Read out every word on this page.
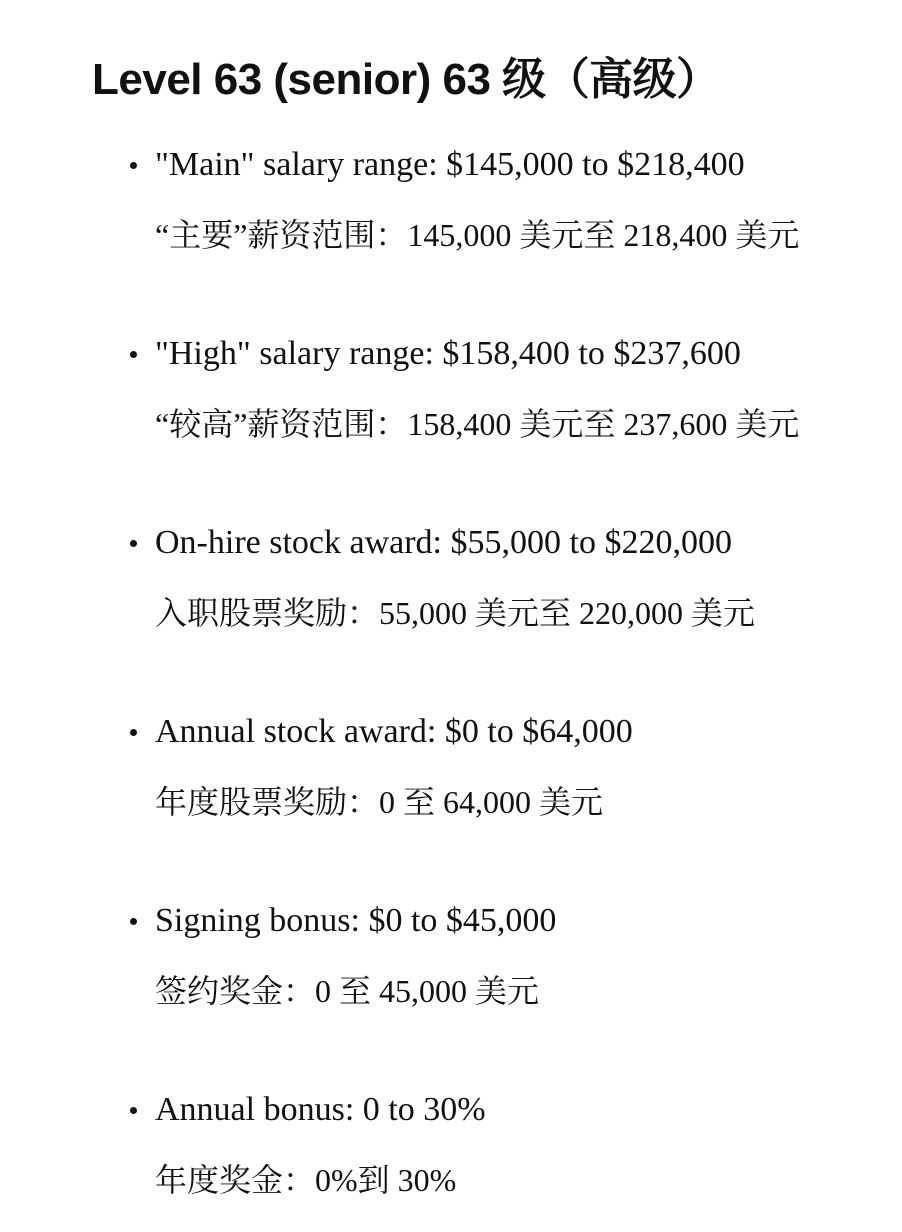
Level 63 (senior) 63 级（高级）
"Main" salary range: $145,000 to $218,400
“主要”薪资范围：145,000 美元至 218,400 美元
"High" salary range: $158,400 to $237,600
“较高”薪资范围：158,400 美元至 237,600 美元
On-hire stock award: $55,000 to $220,000
入职股票奖励：55,000 美元至 220,000 美元
Annual stock award: $0 to $64,000
年度股票奖励：0 至 64,000 美元
Signing bonus: $0 to $45,000
签约奖金：0 至 45,000 美元
Annual bonus: 0 to 30%
年度奖金：0%到 30%
